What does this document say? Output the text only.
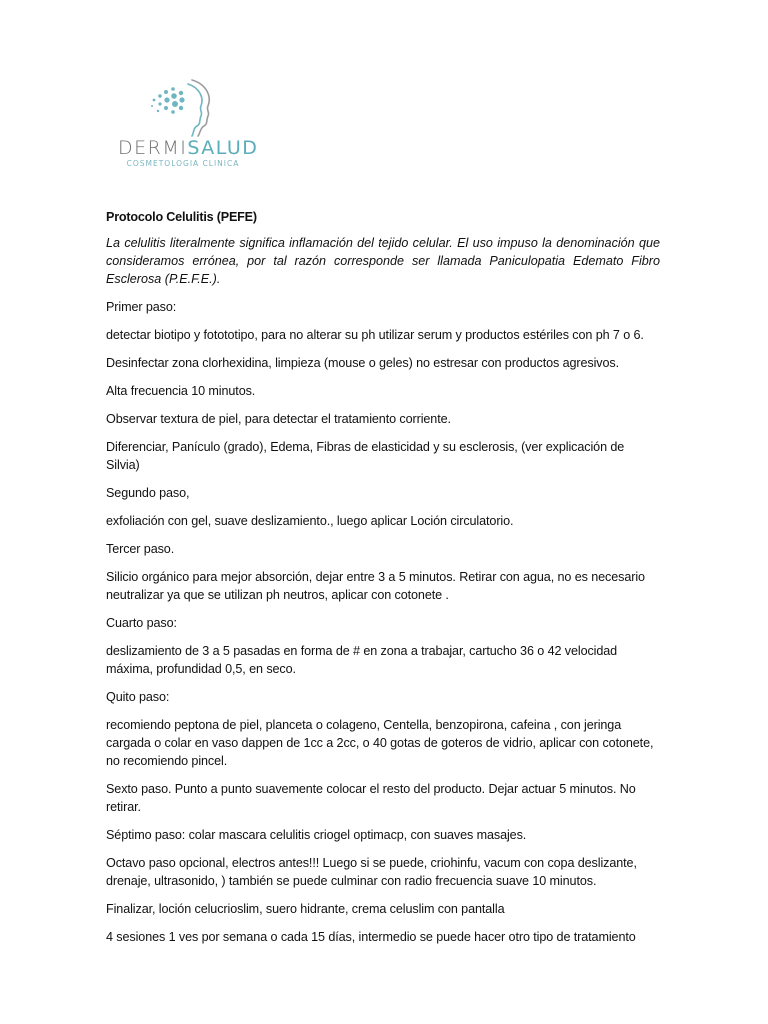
DERMISALUD
COSMETOLOGIA CLINICA

Protocolo Celulitis (PEFE)

La celulitis literalmente significa inflamación del tejido celular. El uso impuso la denominación que consideramos errónea, por tal razón corresponde ser llamada Paniculopatia Edemato Fibro Esclerosa (P.E.F.E.).

Primer paso:

detectar biotipo y fotototipo, para no alterar su ph utilizar serum y productos estériles con ph 7 o 6.

Desinfectar zona clorhexidina, limpieza (mouse o geles) no estresar con productos agresivos.

Alta frecuencia 10 minutos.

Observar textura de piel, para detectar el tratamiento corriente.

Diferenciar, Panículo (grado), Edema, Fibras de elasticidad y su esclerosis, (ver explicación de Silvia)

Segundo paso,

exfoliación con gel, suave deslizamiento., luego aplicar Loción circulatorio.

Tercer paso.

Silicio orgánico para mejor absorción, dejar entre 3 a 5 minutos. Retirar con agua, no es necesario neutralizar ya que se utilizan ph neutros, aplicar con cotonete .

Cuarto paso:

deslizamiento de 3 a 5 pasadas en forma de # en zona a trabajar, cartucho 36 o 42 velocidad máxima, profundidad 0,5, en seco.

Quito paso:

recomiendo peptona de piel, planceta o colageno, Centella, benzopirona, cafeina , con jeringa cargada o colar en vaso dappen de 1cc a 2cc, o 40 gotas de goteros de vidrio, aplicar con cotonete, no recomiendo pincel.

Sexto paso. Punto a punto suavemente colocar el resto del producto. Dejar actuar 5 minutos. No retirar.

Séptimo paso: colar mascara celulitis criogel optimacp, con suaves masajes.

Octavo paso opcional, electros antes!!! Luego si se puede, criohinfu, vacum con copa deslizante, drenaje, ultrasonido, ) también se puede culminar con radio frecuencia suave 10 minutos.

Finalizar, loción celucrioslim, suero hidrante, crema celuslim con pantalla

4 sesiones 1 ves por semana o cada 15 días, intermedio se puede hacer otro tipo de tratamiento
